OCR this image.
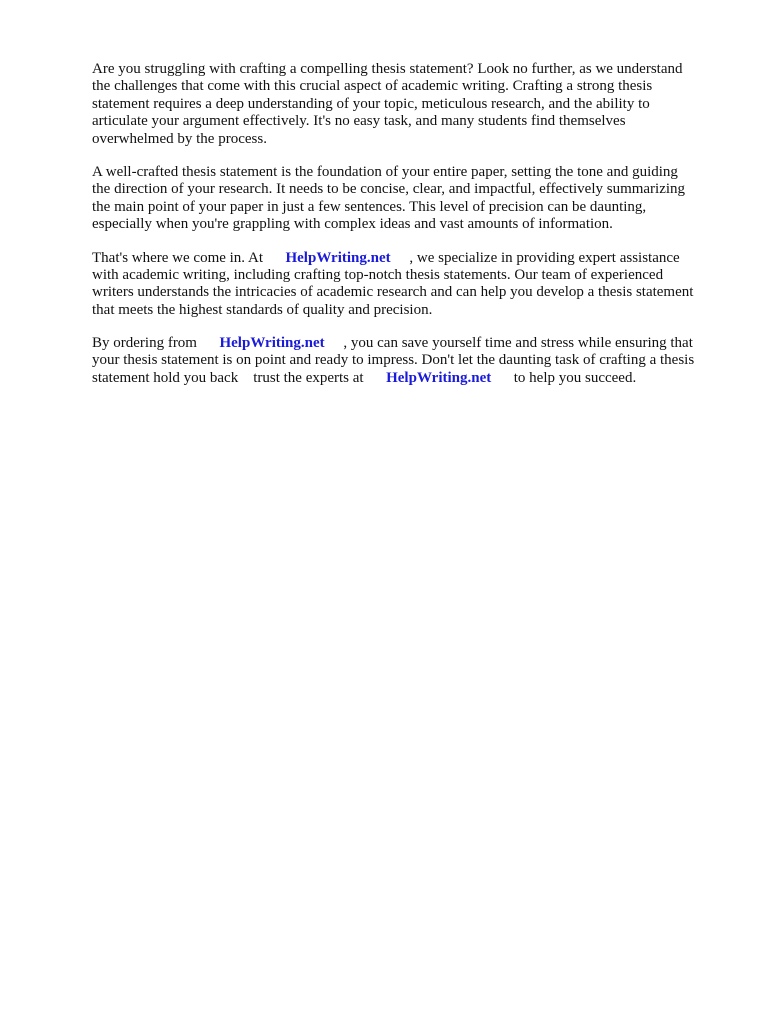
Are you struggling with crafting a compelling thesis statement? Look no further, as we understand
the challenges that come with this crucial aspect of academic writing. Crafting a strong thesis
statement requires a deep understanding of your topic, meticulous research, and the ability to
articulate your argument effectively. It's no easy task, and many students find themselves
overwhelmed by the process.
A well-crafted thesis statement is the foundation of your entire paper, setting the tone and guiding
the direction of your research. It needs to be concise, clear, and impactful, effectively summarizing
the main point of your paper in just a few sentences. This level of precision can be daunting,
especially when you're grappling with complex ideas and vast amounts of information.
That's where we come in. At      HelpWriting.net     , we specialize in providing expert assistance
with academic writing, including crafting top-notch thesis statements. Our team of experienced
writers understands the intricacies of academic research and can help you develop a thesis statement
that meets the highest standards of quality and precision.
By ordering from      HelpWriting.net     , you can save yourself time and stress while ensuring that
your thesis statement is on point and ready to impress. Don't let the daunting task of crafting a thesis
statement hold you back    trust the experts at      HelpWriting.net      to help you succeed.
